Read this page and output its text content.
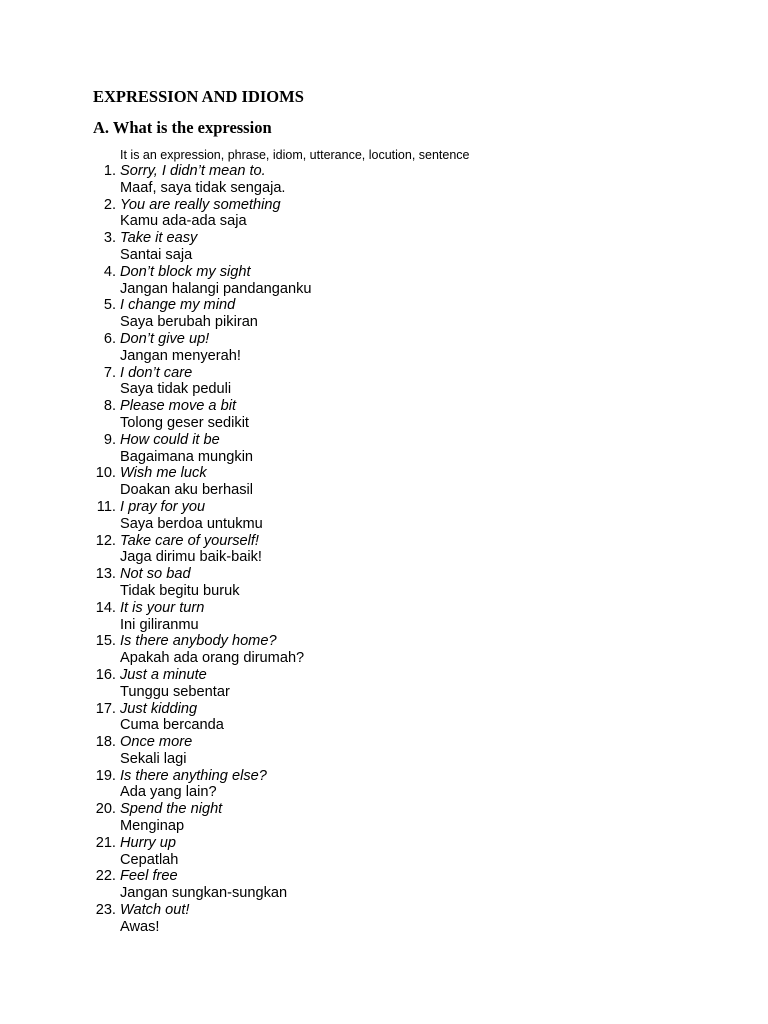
EXPRESSION AND IDIOMS
A. What is the expression

It is an expression, phrase, idiom, utterance, locution, sentence

1. Sorry, I didn’t mean to.
Maaf, saya tidak sengaja.
2. You are really something
Kamu ada-ada saja
3. Take it easy
Santai saja
4. Don’t block my sight
Jangan halangi pandanganku
5. I change my mind
Saya berubah pikiran
6. Don’t give up!
Jangan menyerah!
7. I don’t care
Saya tidak peduli
8. Please move a bit
Tolong geser sedikit
9. How could it be
Bagaimana mungkin
10. Wish me luck
Doakan aku berhasil
11. I pray for you
Saya berdoa untukmu
12. Take care of yourself!
Jaga dirimu baik-baik!
13. Not so bad
Tidak begitu buruk
14. It is your turn
Ini giliranmu
15. Is there anybody home?
Apakah ada orang dirumah?
16. Just a minute
Tunggu sebentar
17. Just kidding
Cuma bercanda
18. Once more
Sekali lagi
19. Is there anything else?
Ada yang lain?
20. Spend the night
Menginap
21. Hurry up
Cepatlah
22. Feel free
Jangan sungkan-sungkan
23. Watch out!
Awas!
